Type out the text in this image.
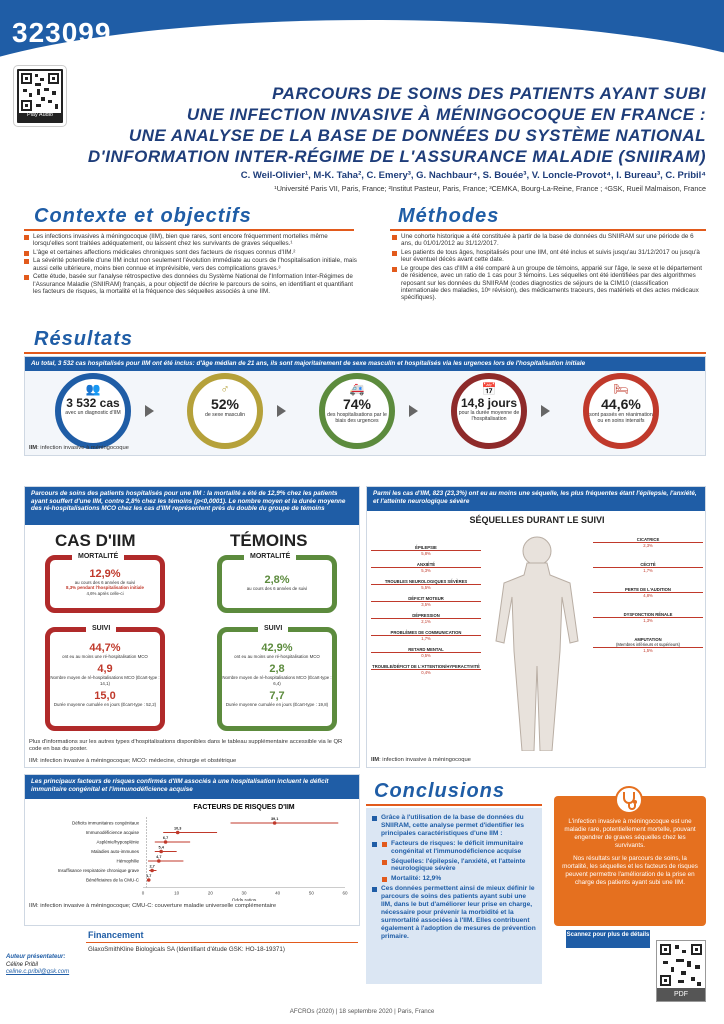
323099
Play Audio
PARCOURS DE SOINS DES PATIENTS AYANT SUBI
UNE INFECTION INVASIVE À MÉNINGOCOQUE EN FRANCE :
UNE ANALYSE DE LA BASE DE DONNÉES DU SYSTÈME NATIONAL
D'INFORMATION INTER-RÉGIME DE L'ASSURANCE MALADIE (SNIIRAM)
C. Weil-Olivier¹, M-K. Taha², C. Emery³, G. Nachbaur⁴, S. Bouée³, V. Loncle-Provot⁴, I. Bureau³, C. Pribil⁴
¹Université Paris VII, Paris, France; ²Institut Pasteur, Paris, France; ³CEMKA, Bourg-La-Reine, France ; ⁴GSK, Rueil Malmaison, France
Contexte et objectifs
Les infections invasives à méningocoque (IIM), bien que rares, sont encore fréquemment mortelles même lorsqu'elles sont traitées adéquatement, ou laissent chez les survivants de graves séquelles.¹
L'âge et certaines affections médicales chroniques sont des facteurs de risques connus d'IIM.²
La sévérité potentielle d'une IIM inclut non seulement l'évolution immédiate au cours de l'hospitalisation initiale, mais aussi celle ultérieure, moins bien connue et imprévisible, vers des complications graves.³
Cette étude, basée sur l'analyse rétrospective des données du Système National de l'Information Inter-Régimes de l'Assurance Maladie (SNIIRAM) français, a pour objectif de décrire le parcours de soins, en identifiant et quantifiant les facteurs de risques, la mortalité et la fréquence des séquelles associés à une IIM.
Méthodes
Une cohorte historique a été constituée à partir de la base de données du SNIIRAM sur une période de 6 ans, du 01/01/2012 au 31/12/2017.
Les patients de tous âges, hospitalisés pour une IIM, ont été inclus et suivis jusqu'au 31/12/2017 ou jusqu'à leur éventuel décès avant cette date.
Le groupe des cas d'IIM a été comparé à un groupe de témoins, apparié sur l'âge, le sexe et le département de résidence, avec un ratio de 1 cas pour 3 témoins. Les séquelles ont été identifiées par des algorithmes reposant sur les données du SNIIRAM (codes diagnostics de séjours de la CIM10 (classification internationale des maladies, 10ᵉ révision), des médicaments traceurs, des matériels et des actes médicaux spécifiques).
Résultats
Au total, 3 532 cas hospitalisés pour IIM ont été inclus: d'âge médian de 21 ans, ils sont majoritairement de sexe masculin et hospitalisés via les urgences lors de l'hospitalisation initiale
👥
3 532 cas
avec un diagnostic d'IIM
♂
52%
de sexe masculin
🚑
74%
des hospitalisations par le biais des urgences
📅
14,8 jours
pour la durée moyenne de l'hospitalisation
🛏
44,6%
sont passés en réanimation ou en soins intensifs
IIM: infection invasive à méningocoque
Parcours de soins des patients hospitalisés pour une IIM : la mortalité a été de 12,9% chez les patients ayant souffert d'une IIM, contre 2,8% chez les témoins (p<0,0001). Le nombre moyen et la durée moyenne des ré-hospitalisations MCO chez les cas d'IIM représentent près du double du groupe de témoins
CAS D'IIM	TÉMOINS
MORTALITÉ
12,9%
au cours des 6 années de suivi
8,3% pendant l'hospitalisation initiale
4,6% après celle-ci
MORTALITÉ
2,8%
au cours des 6 années de suivi
SUIVI
44,7%
ont eu au moins une ré-hospitalisation MCO
4,9
Nombre moyen de ré-hospitalisations MCO (Écart-type : 14,1)
15,0
Durée moyenne cumulée en jours (Écart-type : 52,2)
SUIVI
42,9%
ont eu au moins une ré-hospitalisation MCO
2,8
Nombre moyen de ré-hospitalisations MCO (Écart-type : 6,4)
7,7
Durée moyenne cumulée en jours (Écart-type : 19,8)
Plus d'informations sur les autres types d'hospitalisations disponibles dans le tableau supplémentaire accessible via le QR code en bas du poster.
IIM: infection invasive à méningocoque; MCO: médecine, chirurgie et obstétrique
Parmi les cas d'IIM, 823 (23,3%) ont eu au moins une séquelle, les plus fréquentes étant l'épilepsie, l'anxiété, et l'atteinte neurologique sévère
SÉQUELLES DURANT LE SUIVI
ÉPILEPSIE
5,8%
ANXIÉTÉ
5,3%
TROUBLES NEUROLOGIQUES SÉVÈRES
5,5%
DÉFICIT MOTEUR
3,5%
DÉPRESSION
2,1%
PROBLÈMES DE COMMUNICATION
1,7%
RETARD MENTAL
0,5%
TROUBLE/DÉFICIT DE L'ATTENTION/HYPERACTIVITÉ
0,4%
CICATRICE
2,3%
CÉCITÉ
1,7%
PERTE DE L'AUDITION
4,8%
DYSFONCTION RÉNALE
1,3%
AMPUTATION
(Membres inférieurs et supérieurs)
1,5%
IIM: infection invasive à méningocoque
Les principaux facteurs de risques confirmés d'IIM associés à une hospitalisation incluent le déficit immunitaire congénital et l'immunodéficience acquise
FACTEURS DE RISQUES D'IIM
0	10	20	30	40	50	60
Odds ratios
Déficits immunitaires congénitaux
39,1
Immunodéficience acquise
10,3
Asplénie/hyposplénie
6,7
Maladies auto-immunes
5,4
Hémophilie
4,7
Insuffisance respiratoire chronique grave
2,7
Bénéficiaires de la CMU-C
1,7
IIM: infection invasive à méningocoque; CMU-C: couverture maladie universelle complémentaire
Financement
GlaxoSmithKline Biologicals SA (Identifiant d'étude GSK: HO-18-19371)
Auteur présentateur:
Céline Pribil
celine.c.pribil@gsk.com
Conclusions
Grâce à l'utilisation de la base de données du SNIIRAM, cette analyse permet d'identifier les principales caractéristiques d'une IIM :
Facteurs de risques: le déficit immunitaire congénital et l'immunodéficience acquise
Séquelles: l'épilepsie, l'anxiété, et l'atteinte neurologique sévère
Mortalité: 12,9%
Ces données permettent ainsi de mieux définir le parcours de soins des patients ayant subi une IIM, dans le but d'améliorer leur prise en charge, nécessaire pour prévenir la morbidité et la surmortalité associées à l'IIM. Elles contribuent également à l'adoption de mesures de prévention primaire.
L'infection invasive à méningocoque est une maladie rare, potentiellement mortelle, pouvant engendrer de graves séquelles chez les survivants.
Nos résultats sur le parcours de soins, la mortalité, les séquelles et les facteurs de risques peuvent permettre l'amélioration de la prise en charge des patients ayant subi une IIM.
Scannez pour plus de détails
PDF
AFCROs (2020) | 18 septembre 2020 | Paris, France
